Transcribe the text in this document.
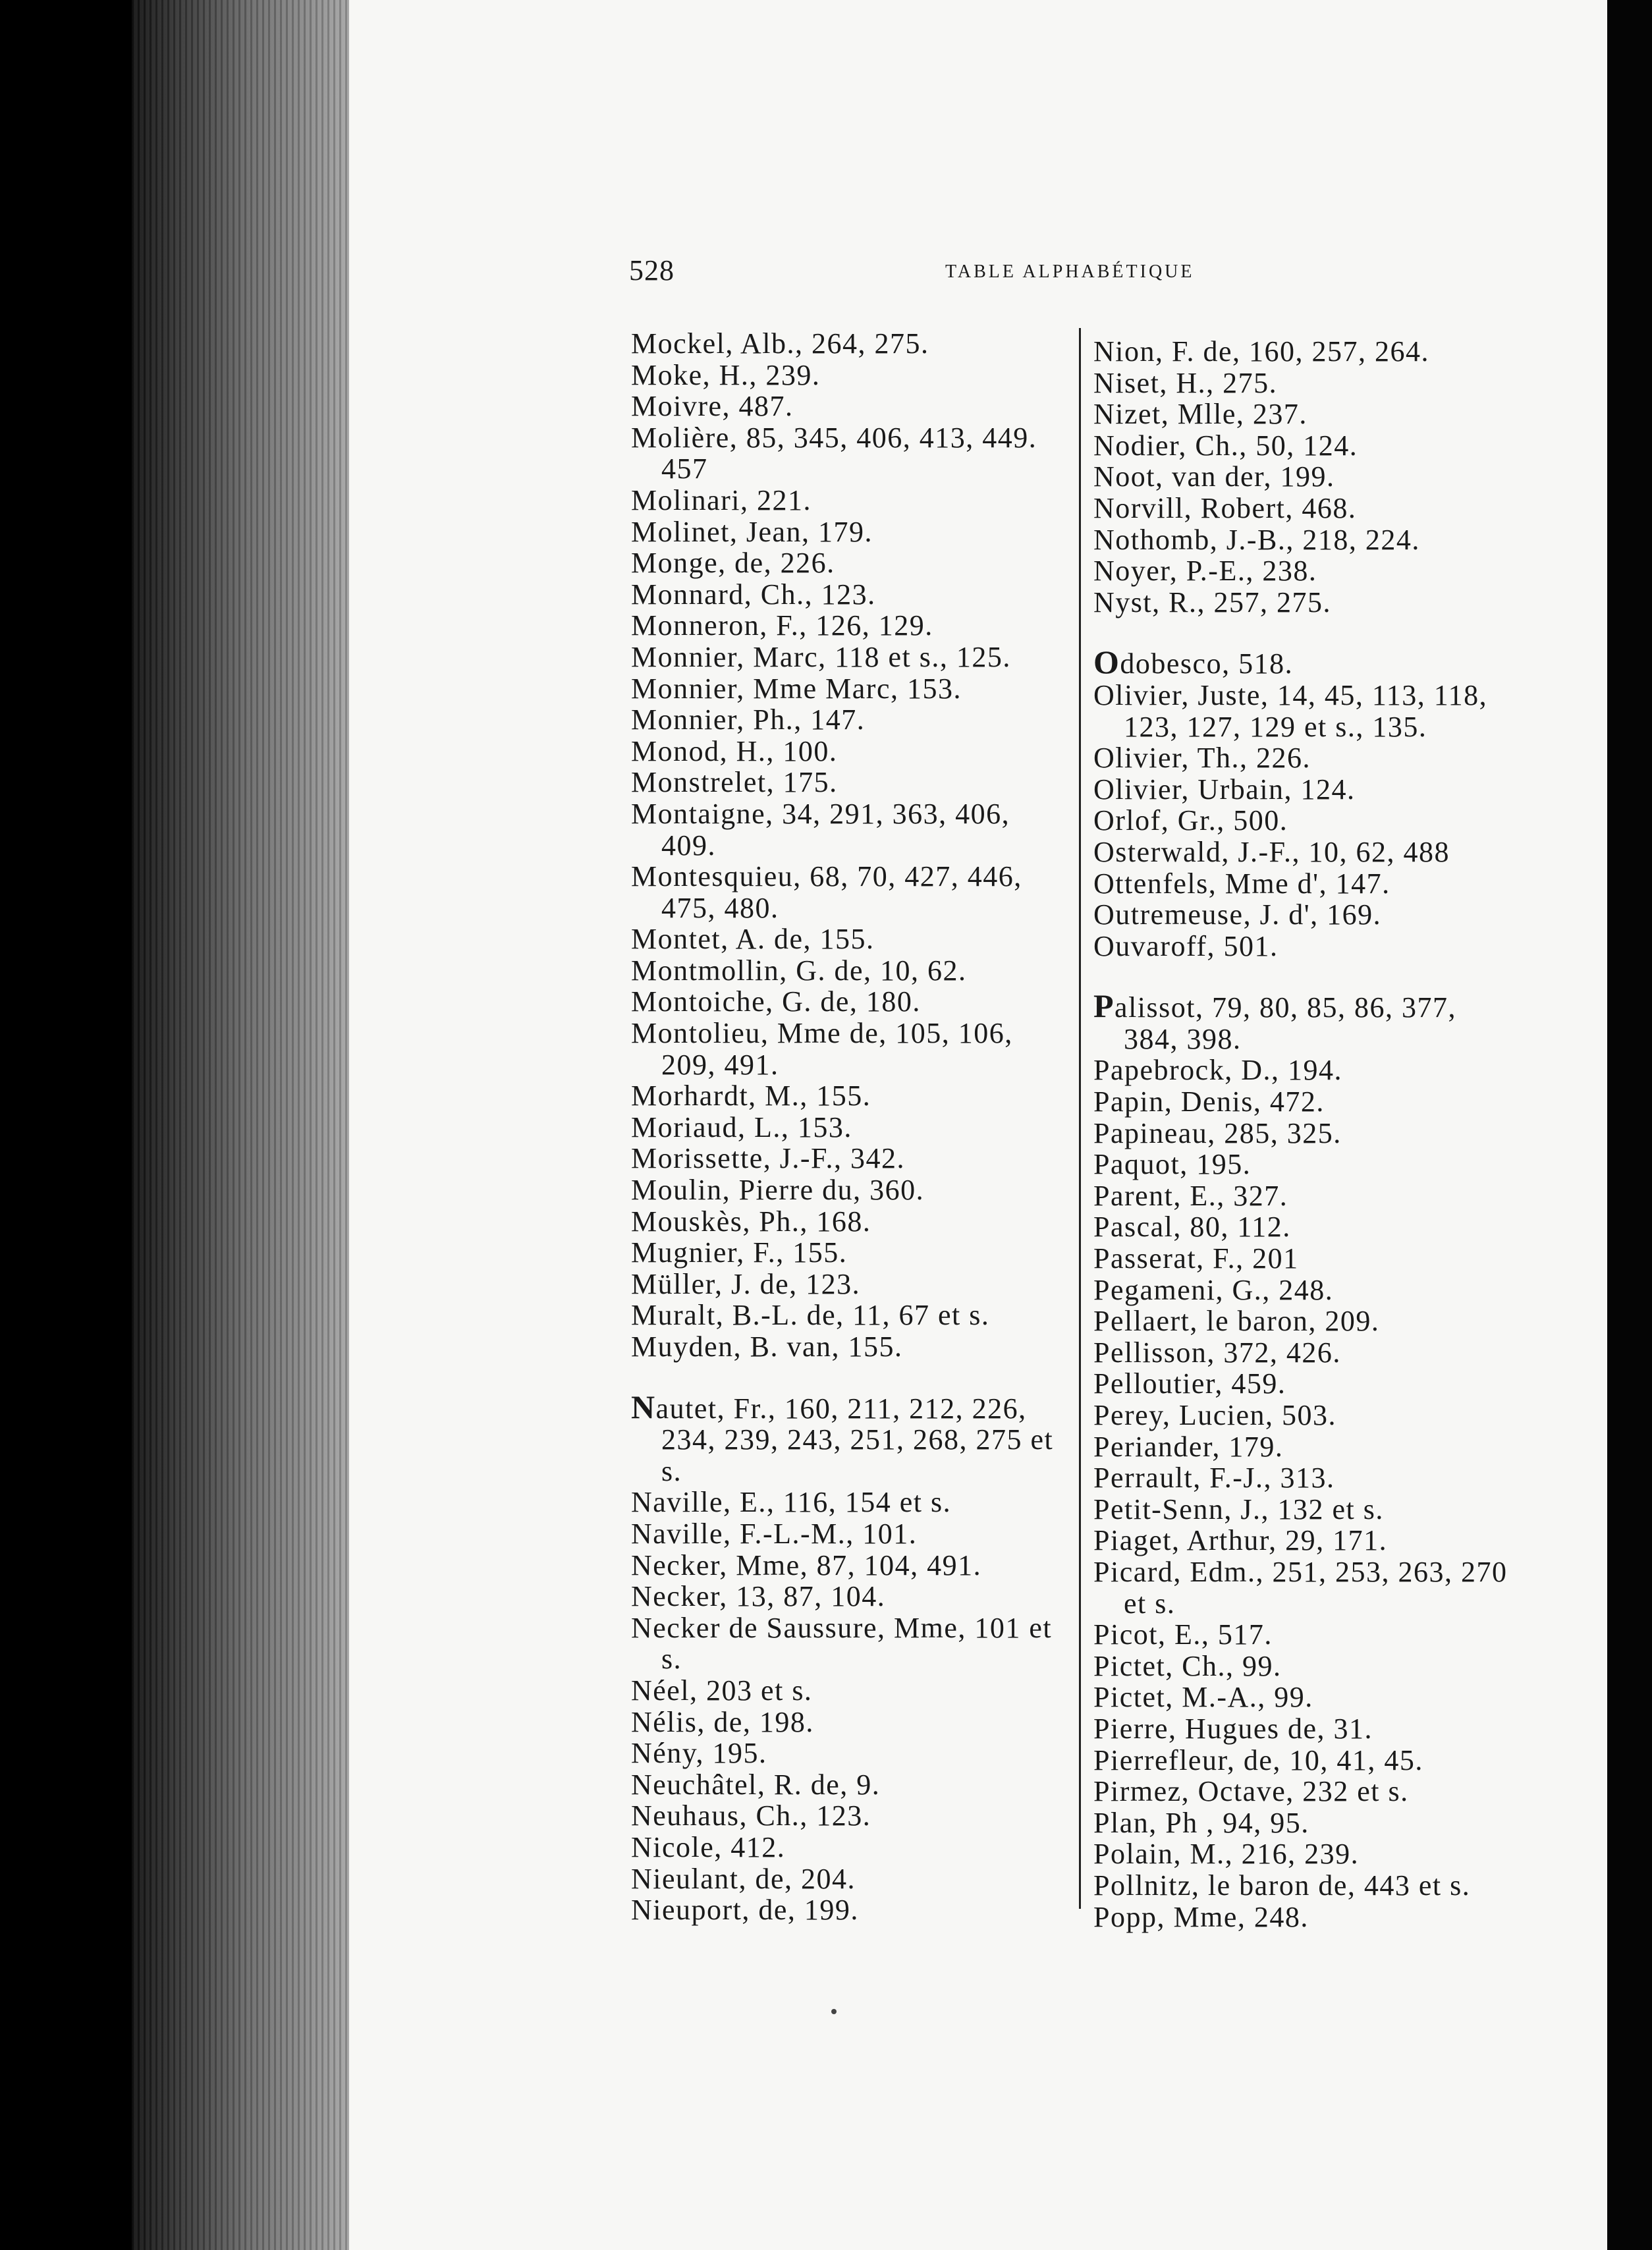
528	TABLE ALPHABÉTIQUE
Mockel, Alb., 264, 275.
Moke, H., 239.
Moivre, 487.
Molière, 85, 345, 406, 413, 449. 457
Molinari, 221.
Molinet, Jean, 179.
Monge, de, 226.
Monnard, Ch., 123.
Monneron, F., 126, 129.
Monnier, Marc, 118 et s., 125.
Monnier, Mme Marc, 153.
Monnier, Ph., 147.
Monod, H., 100.
Monstrelet, 175.
Montaigne, 34, 291, 363, 406, 409.
Montesquieu, 68, 70, 427, 446, 475, 480.
Montet, A. de, 155.
Montmollin, G. de, 10, 62.
Montoiche, G. de, 180.
Montolieu, Mme de, 105, 106, 209, 491.
Morhardt, M., 155.
Moriaud, L., 153.
Morissette, J.-F., 342.
Moulin, Pierre du, 360.
Mouskès, Ph., 168.
Mugnier, F., 155.
Müller, J. de, 123.
Muralt, B.-L. de, 11, 67 et s.
Muyden, B. van, 155.
Nautet, Fr., 160, 211, 212, 226, 234, 239, 243, 251, 268, 275 et s.
Naville, E., 116, 154 et s.
Naville, F.-L.-M., 101.
Necker, Mme, 87, 104, 491.
Necker, 13, 87, 104.
Necker de Saussure, Mme, 101 et s.
Néel, 203 et s.
Nélis, de, 198.
Nény, 195.
Neuchâtel, R. de, 9.
Neuhaus, Ch., 123.
Nicole, 412.
Nieulant, de, 204.
Nieuport, de, 199.
Nion, F. de, 160, 257, 264.
Niset, H., 275.
Nizet, Mlle, 237.
Nodier, Ch., 50, 124.
Noot, van der, 199.
Norvill, Robert, 468.
Nothomb, J.-B., 218, 224.
Noyer, P.-E., 238.
Nyst, R., 257, 275.
Odobesco, 518.
Olivier, Juste, 14, 45, 113, 118, 123, 127, 129 et s., 135.
Olivier, Th., 226.
Olivier, Urbain, 124.
Orlof, Gr., 500.
Osterwald, J.-F., 10, 62, 488
Ottenfels, Mme d', 147.
Outremeuse, J. d', 169.
Ouvaroff, 501.
Palissot, 79, 80, 85, 86, 377, 384, 398.
Papebrock, D., 194.
Papin, Denis, 472.
Papineau, 285, 325.
Paquot, 195.
Parent, E., 327.
Pascal, 80, 112.
Passerat, F., 201
Pegameni, G., 248.
Pellaert, le baron, 209.
Pellisson, 372, 426.
Pelloutier, 459.
Perey, Lucien, 503.
Periander, 179.
Perrault, F.-J., 313.
Petit-Senn, J., 132 et s.
Piaget, Arthur, 29, 171.
Picard, Edm., 251, 253, 263, 270 et s.
Picot, E., 517.
Pictet, Ch., 99.
Pictet, M.-A., 99.
Pierre, Hugues de, 31.
Pierrefleur, de, 10, 41, 45.
Pirmez, Octave, 232 et s.
Plan, Ph , 94, 95.
Polain, M., 216, 239.
Pollnitz, le baron de, 443 et s.
Popp, Mme, 248.
